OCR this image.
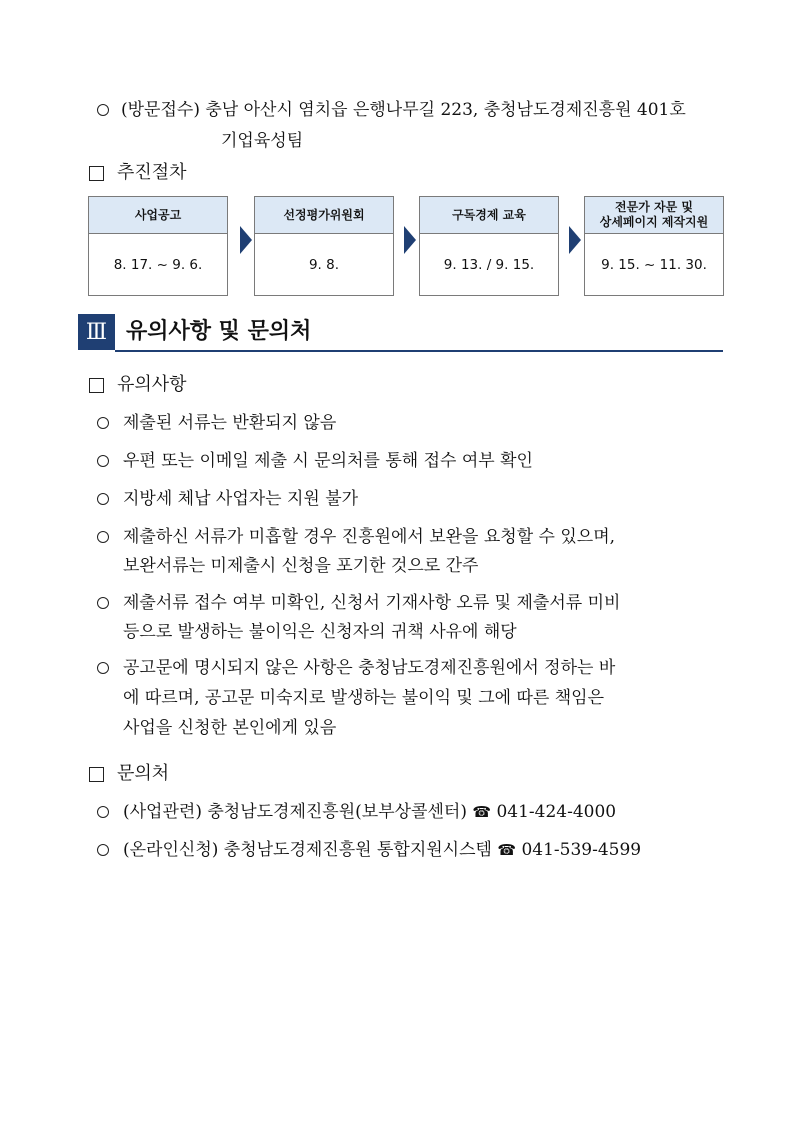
(방문접수) 충남 아산시 염치읍 은행나무길 223, 충청남도경제진흥원 401호
기업육성팀
추진절차
사업공고
8. 17. ~ 9. 6.
선정평가위원회
9. 8.
구독경제 교육
9. 13. / 9. 15.
전문가 자문 및
상세페이지 제작지원
9. 15. ~ 11. 30.
Ⅲ 유의사항 및 문의처
유의사항
제출된 서류는 반환되지 않음
우편 또는 이메일 제출 시 문의처를 통해 접수 여부 확인
지방세 체납 사업자는 지원 불가
제출하신 서류가 미흡할 경우 진흥원에서 보완을 요청할 수 있으며,
보완서류는 미제출시 신청을 포기한 것으로 간주
제출서류 접수 여부 미확인, 신청서 기재사항 오류 및 제출서류 미비
등으로 발생하는 불이익은 신청자의 귀책 사유에 해당
공고문에 명시되지 않은 사항은 충청남도경제진흥원에서 정하는 바
에 따르며, 공고문 미숙지로 발생하는 불이익 및 그에 따른 책임은
사업을 신청한 본인에게 있음
문의처
(사업관련) 충청남도경제진흥원(보부상콜센터) ☎ 041-424-4000
(온라인신청) 충청남도경제진흥원 통합지원시스템 ☎ 041-539-4599
